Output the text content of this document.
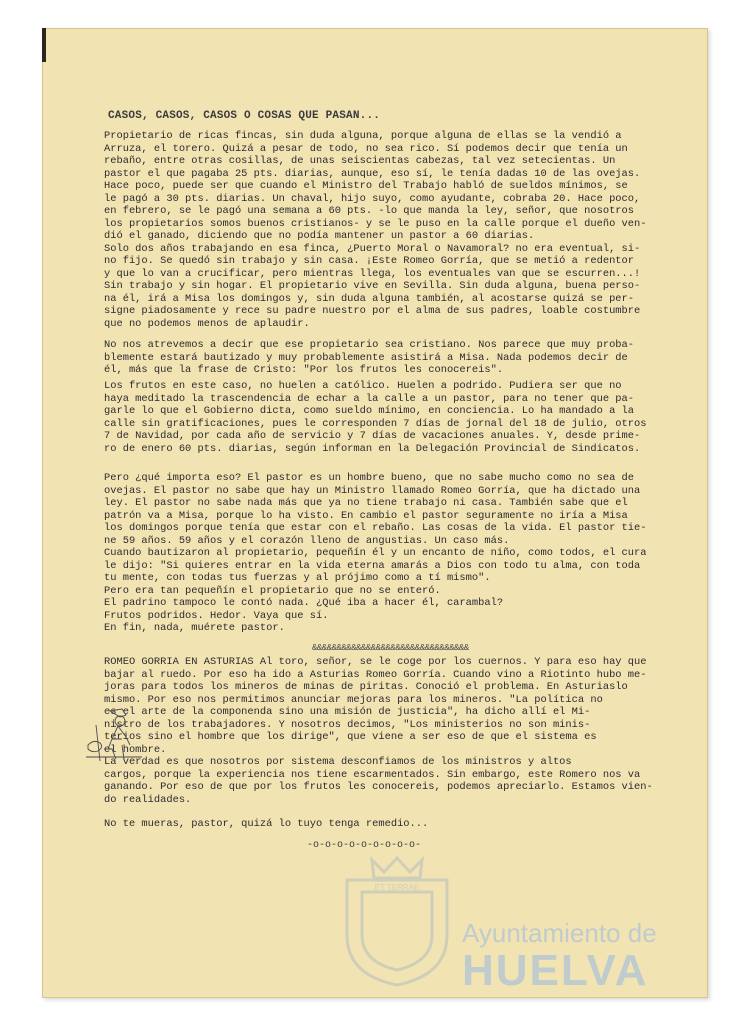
CASOS, CASOS, CASOS O COSAS QUE PASAN...
Propietario de ricas fincas, sin duda alguna, porque alguna de ellas se la vendió a
Arruza, el torero. Quizá a pesar de todo, no sea rico. Sí podemos decir que tenía un
rebaño, entre otras cosillas, de unas seiscientas cabezas, tal vez setecientas. Un
pastor el que pagaba 25 pts. diarias, aunque, eso sí, le tenía dadas 10 de las ovejas.
Hace poco, puede ser que cuando el Ministro del Trabajo habló de sueldos mínimos, se
le pagó a 30 pts. diarias. Un chaval, hijo suyo, como ayudante, cobraba 20. Hace poco,
en febrero, se le pagó una semana a 60 pts. -lo que manda la ley, señor, que nosotros
los propietarios somos buenos cristianos- y se le puso en la calle porque el dueño ven-
dió el ganado, diciendo que no podía mantener un pastor a 60 diarias.
Solo dos años trabajando en esa finca, ¿Puerto Moral o Navamoral? no era eventual, si-
no fijo. Se quedó sin trabajo y sin casa. ¡Este Romeo Gorría, que se metió a redentor
y que lo van a crucificar, pero mientras llega, los eventuales van que se escurren...!
Sin trabajo y sin hogar. El propietario vive en Sevilla. Sin duda alguna, buena perso-
na él, irá a Misa los domingos y, sin duda alguna también, al acostarse quizá se per-
signe piadosamente y rece su padre nuestro por el alma de sus padres, loable costumbre
que no podemos menos de aplaudir.
No nos atrevemos a decir que ese propietario sea cristiano. Nos parece que muy proba-
blemente estará bautizado y muy probablemente asistirá a Misa. Nada podemos decir de
él, más que la frase de Cristo: "Por los frutos les conocereis".
Los frutos en este caso, no huelen a católico. Huelen a podrido. Pudiera ser que no
haya meditado la trascendencia de echar a la calle a un pastor, para no tener que pa-
garle lo que el Gobierno dicta, como sueldo mínimo, en conciencia. Lo ha mandado a la
calle sin gratificaciones, pues le corresponden 7 días de jornal del 18 de julio, otros
7 de Navidad, por cada año de servicio y 7 días de vacaciones anuales. Y, desde prime-
ro de enero 60 pts. diarias, según informan en la Delegación Provincial de Sindicatos.
Pero ¿qué importa eso? El pastor es un hombre bueno, que no sabe mucho como no sea de
ovejas. El pastor no sabe que hay un Ministro llamado Romeo Gorría, que ha dictado una
ley. El pastor no sabe nada más que ya no tiene trabajo ni casa. También sabe que el
patrón va a Misa, porque lo ha visto. En cambio el pastor seguramente no iría a Misa
los domingos porque tenía que estar con el rebaño. Las cosas de la vida. El pastor tie-
ne 59 años. 59 años y el corazón lleno de angustias. Un caso más.
Cuando bautizaron al propietario, pequeñín él y un encanto de niño, como todos, el cura
le dijo: "Si quieres entrar en la vida eterna amarás a Dios con todo tu alma, con toda
tu mente, con todas tus fuerzas y al prójimo como a tí mismo".
Pero era tan pequeñín el propietario que no se enteró.
El padrino tampoco le contó nada. ¿Qué iba a hacer él, carambal?
Frutos podridos. Hedor. Vaya que sí.
En fin, nada, muérete pastor.
&&&&&&&&&&&&&&&&&&&&&&&&&&&&&&&&
ROMEO GORRIA EN ASTURIAS Al toro, señor, se le coge por los cuernos. Y para eso hay que
bajar al ruedo. Por eso ha ido a Asturias Romeo Gorría. Cuando vino a Riotinto hubo me-
joras para todos los mineros de minas de piritas. Conoció el problema. En Asturiaslo
mismo. Por eso nos permitimos anunciar mejoras para los mineros. "La política no
es el arte de la componenda sino una misión de justicia", ha dicho allí el Mi-
nistro de los trabajadores. Y nosotros decimos, "Los ministerios no son minis-
terios sino el hombre que los dirige", que viene a ser eso de que el sistema es
el hombre.
La verdad es que nosotros por sistema desconfiamos de los ministros y altos
cargos, porque la experiencia nos tiene escarmentados. Sin embargo, este Romero nos va
ganando. Por eso de que por los frutos les conocereis, podemos apreciarlo. Estamos vien-
do realidades.
No te mueras, pastor, quizá lo tuyo tenga remedio...
-o-o-o-o-o-o-o-o-o-
ET TERRAE
Ayuntamiento de
HUELVA
